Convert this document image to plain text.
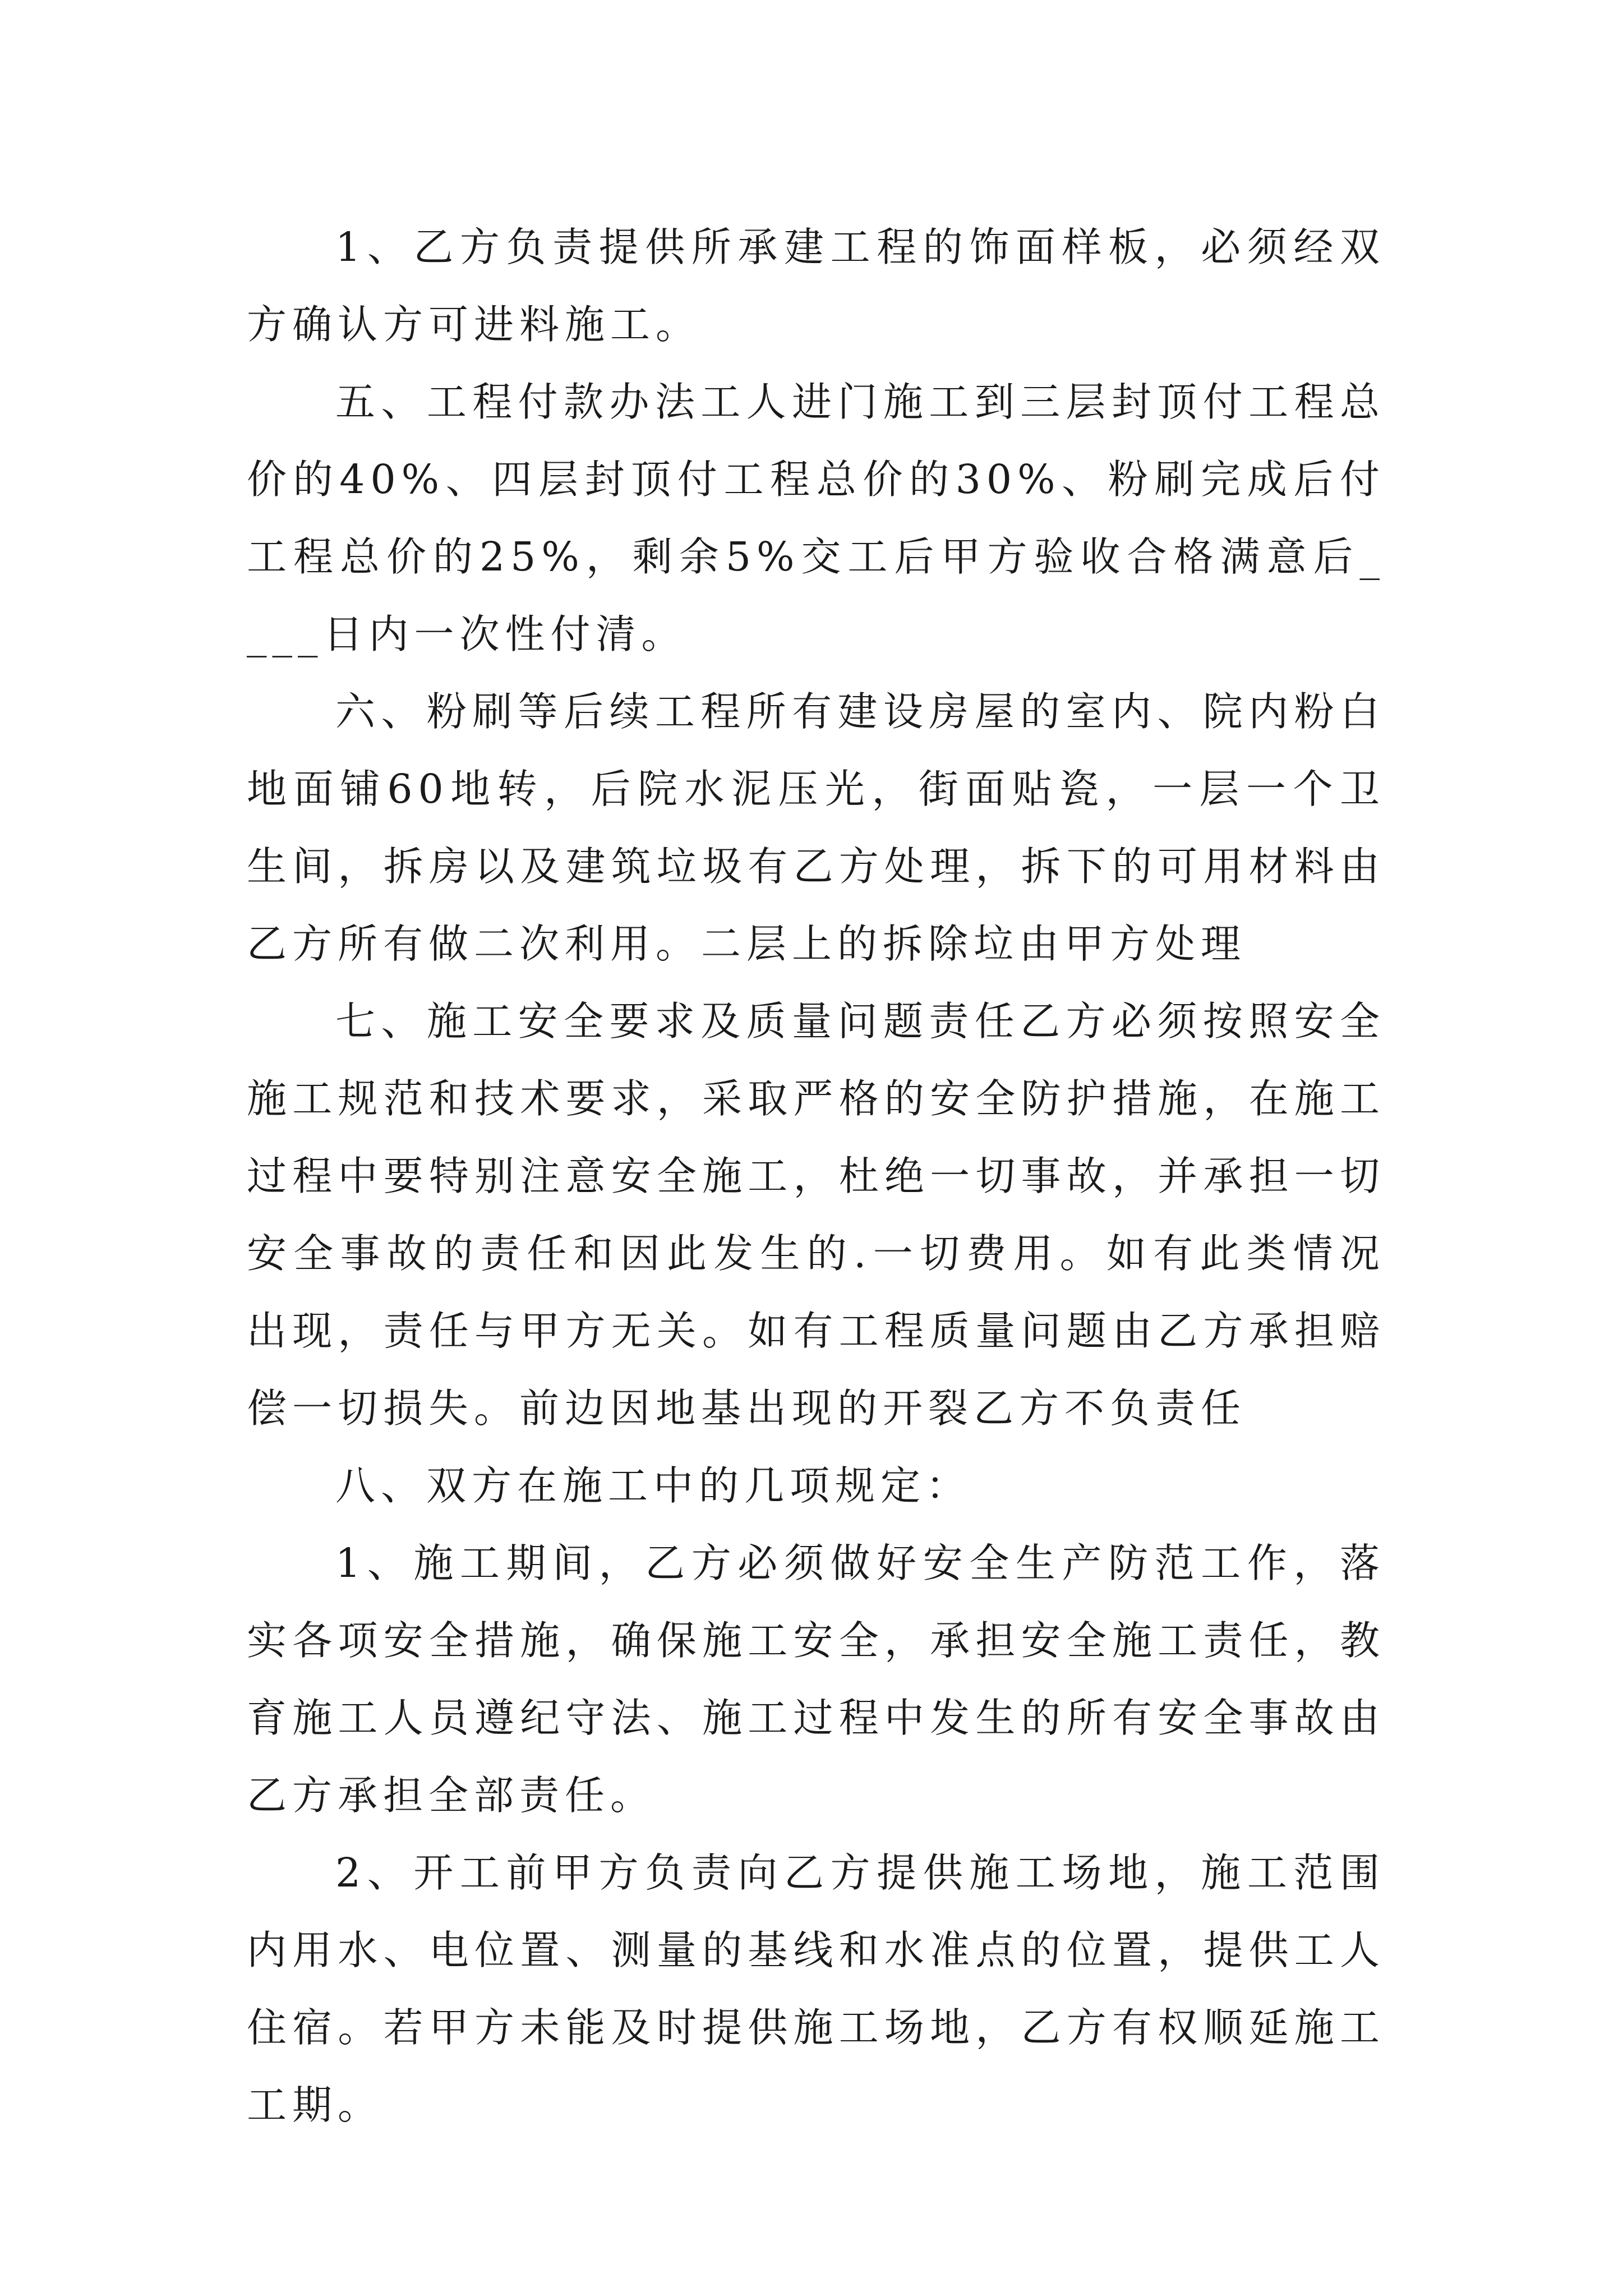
1、乙方负责提供所承建工程的饰面样板，必须经双方确认方可进料施工。

五、工程付款办法工人进门施工到三层封顶付工程总价的40%、四层封顶付工程总价的30%、粉刷完成后付工程总价的25%，剩余5%交工后甲方验收合格满意后____日内一次性付清。

六、粉刷等后续工程所有建设房屋的室内、院内粉白地面铺60地转，后院水泥压光，街面贴瓷，一层一个卫生间，拆房以及建筑垃圾有乙方处理，拆下的可用材料由乙方所有做二次利用。二层上的拆除垃由甲方处理

七、施工安全要求及质量问题责任乙方必须按照安全施工规范和技术要求，采取严格的安全防护措施，在施工过程中要特别注意安全施工，杜绝一切事故，并承担一切安全事故的责任和因此发生的.一切费用。如有此类情况出现，责任与甲方无关。如有工程质量问题由乙方承担赔偿一切损失。前边因地基出现的开裂乙方不负责任

八、双方在施工中的几项规定：

1、施工期间，乙方必须做好安全生产防范工作，落实各项安全措施，确保施工安全，承担安全施工责任，教育施工人员遵纪守法、施工过程中发生的所有安全事故由乙方承担全部责任。

2、开工前甲方负责向乙方提供施工场地，施工范围内用水、电位置、测量的基线和水准点的位置，提供工人住宿。若甲方未能及时提供施工场地，乙方有权顺延施工工期。
